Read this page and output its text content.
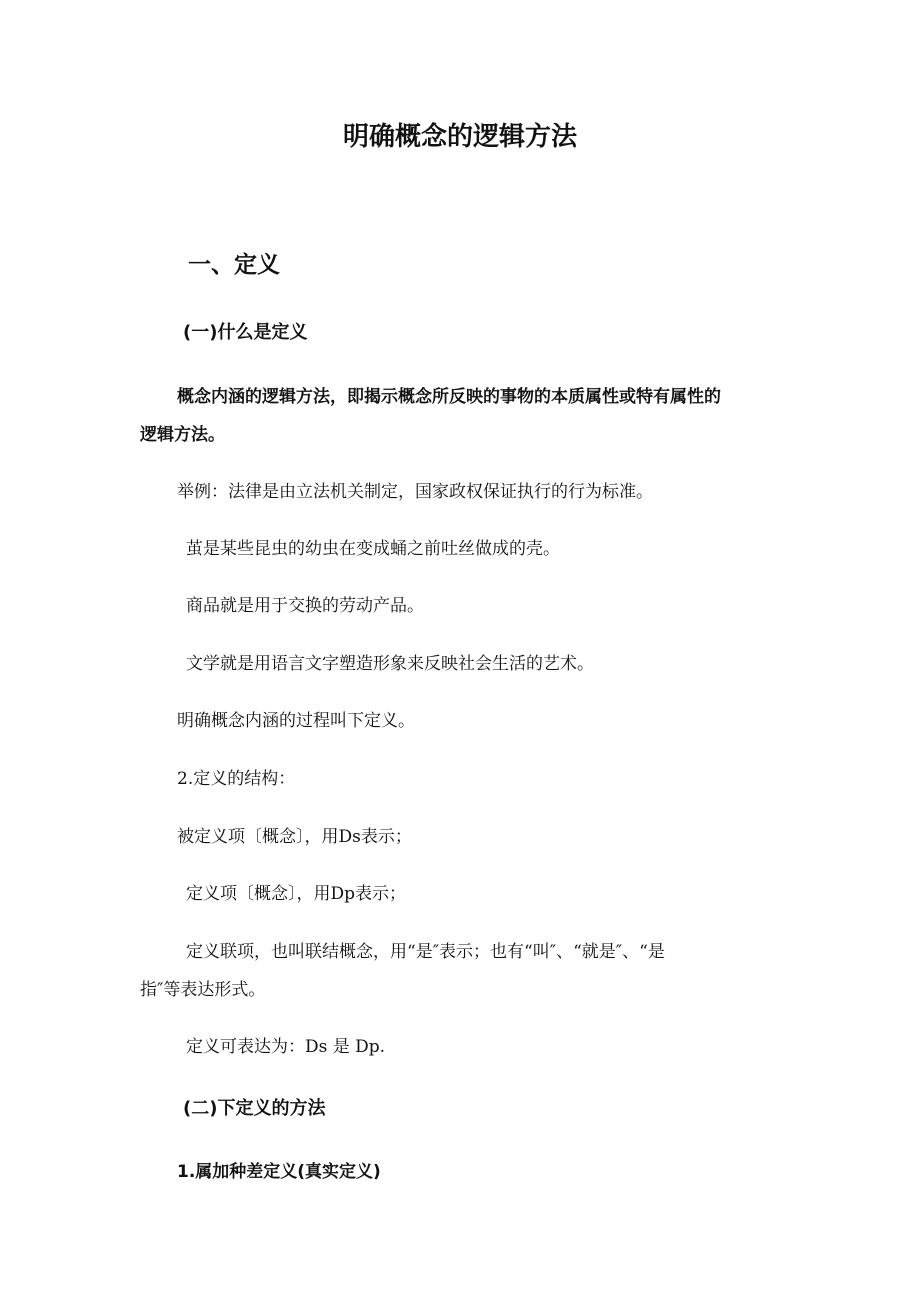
明确概念的逻辑方法
一、定义
(一)什么是定义
概念内涵的逻辑方法，即揭示概念所反映的事物的本质属性或特有属性的
逻辑方法。
举例：法律是由立法机关制定，国家政权保证执行的行为标准。
茧是某些昆虫的幼虫在变成蛹之前吐丝做成的壳。
商品就是用于交换的劳动产品。
文学就是用语言文字塑造形象来反映社会生活的艺术。
明确概念内涵的过程叫下定义。
2.定义的结构：
被定义项〔概念〕，用Ds表示；
定义项〔概念〕，用Dp表示；
定义联项，也叫联结概念，用“是″表示；也有“叫″、“就是″、“是
指″等表达形式。
定义可表达为：Ds 是 Dp.
(二)下定义的方法
1.属加种差定义(真实定义)
